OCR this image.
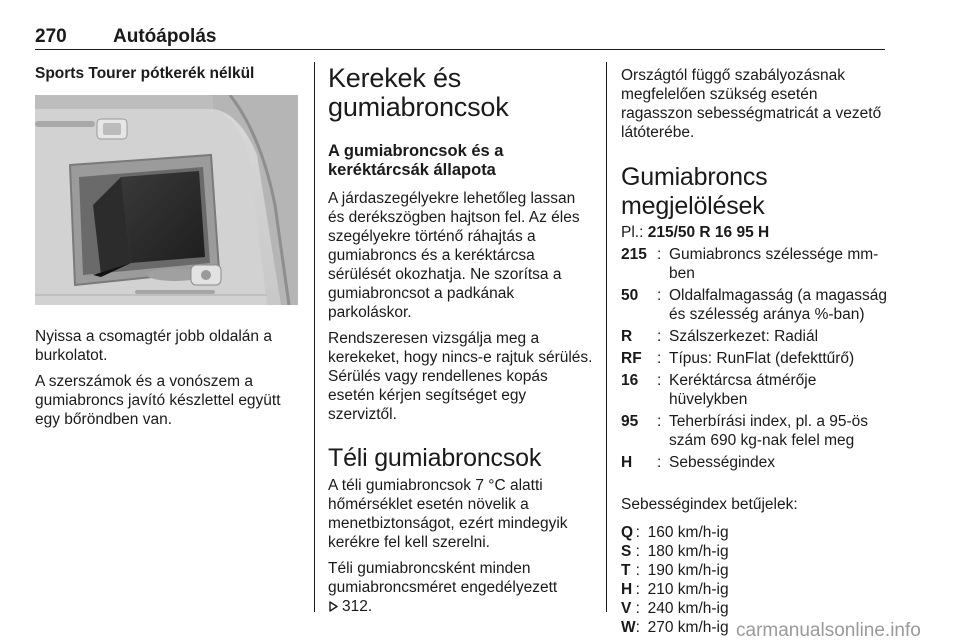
270 Autóápolás
Sports Tourer pótkerék nélkül
Nyissa a csomagtér jobb oldalán a burkolatot.
A szerszámok és a vonószem a gumiabroncs javító készlettel együtt egy bőröndben van.
Kerekek és gumiabroncsok
A gumiabroncsok és a keréktárcsák állapota
A járdaszegélyekre lehetőleg lassan és derékszögben hajtson fel. Az éles szegélyekre történő ráhajtás a gumiabroncs és a keréktárcsa sérülését okozhatja. Ne szorítsa a gumiabroncsot a padkának parkoláskor.
Rendszeresen vizsgálja meg a kerekeket, hogy nincs-e rajtuk sérülés. Sérülés vagy rendellenes kopás esetén kérjen segítséget egy szerviztől.
Téli gumiabroncsok
A téli gumiabroncsok 7 °C alatti hőmérséklet esetén növelik a menetbiztonságot, ezért mindegyik kerékre fel kell szerelni.
Téli gumiabroncsként minden gumiabroncsméret engedélyezett
312.
Országtól függő szabályozásnak megfelelően szükség esetén ragasszon sebességmatricát a vezető látóterébe.
Gumiabroncs megjelölések
Pl.: 215/50 R 16 95 H
215	:	Gumiabroncs szélessége mm-ben
50	:	Oldalfalmagasság (a magasság és szélesség aránya %-ban)
R	:	Szálszerkezet: Radiál
RF	:	Típus: RunFlat (defekttűrő)
16	:	Keréktárcsa átmérője hüvelykben
95	:	Teherbírási index, pl. a 95-ös szám 690 kg-nak felel meg
H	:	Sebességindex
Sebességindex betűjelek:
Q	:	160 km/h-ig
S	:	180 km/h-ig
T	:	190 km/h-ig
H	:	210 km/h-ig
V	:	240 km/h-ig
W	:	270 km/h-ig carmanualsonline.info
